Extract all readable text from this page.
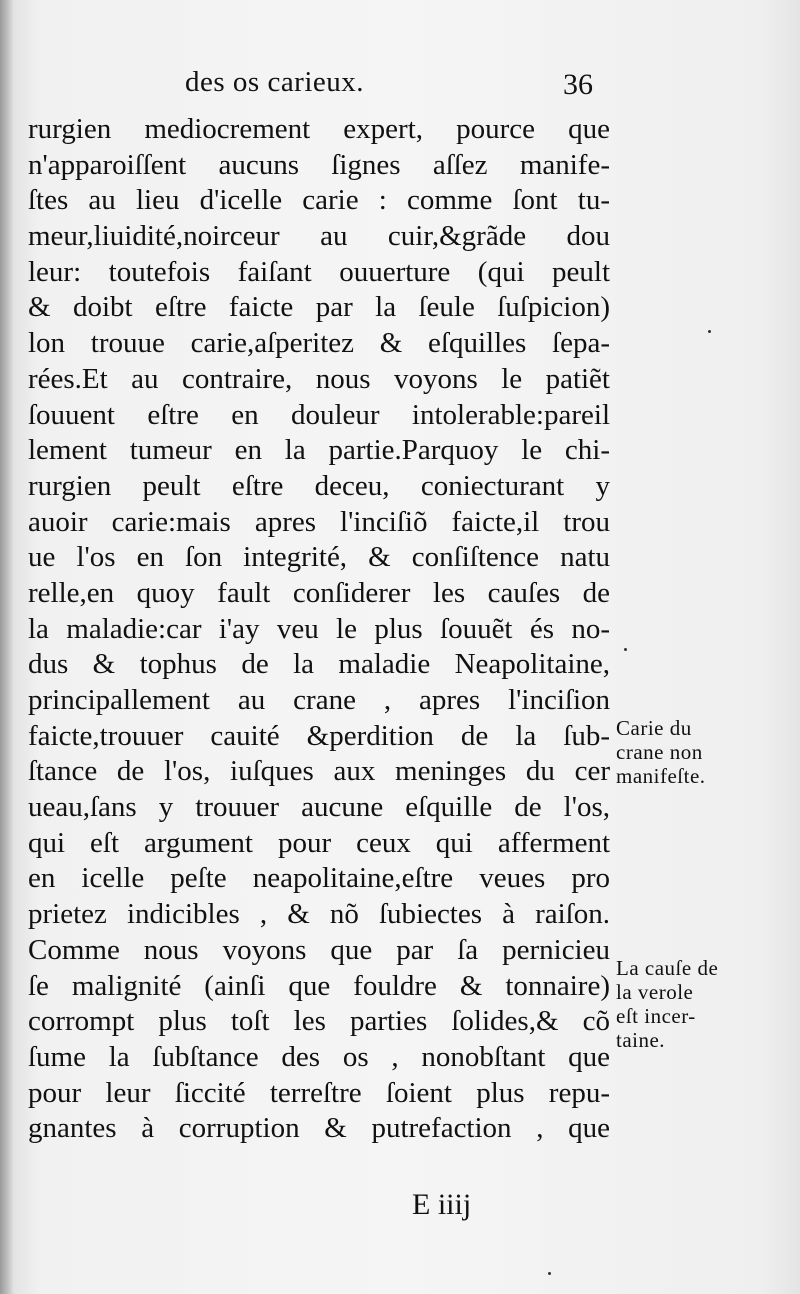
des os carieux.	36
rurgien mediocrement expert, pource que
n'apparoiſſent aucuns ſignes aſſez manife-
ſtes au lieu d'icelle carie : comme ſont tu-
meur,liuidité,noirceur au cuir,&grãde dou
leur: toutefois faiſant ouuerture (qui peult
& doibt eſtre faicte par la ſeule ſuſpicion)
lon trouue carie,aſperitez & eſquilles ſepa-
rées.Et au contraire, nous voyons le patiẽt
ſouuent eſtre en douleur intolerable:pareil
lement tumeur en la partie.Parquoy le chi-
rurgien peult eſtre deceu, coniecturant y
auoir carie:mais apres l'inciſiõ faicte,il trou
ue l'os en ſon integrité, & conſiſtence natu
relle,en quoy fault conſiderer les cauſes de
la maladie:car i'ay veu le plus ſouuẽt és no-
dus & tophus de la maladie Neapolitaine,
principallement au crane , apres l'inciſion
faicte,trouuer cauité &perdition de la ſub-
ſtance de l'os, iuſques aux meninges du cer
ueau,ſans y trouuer aucune eſquille de l'os,
qui eſt argument pour ceux qui afferment
en icelle peſte neapolitaine,eſtre veues pro
prietez indicibles , & nõ ſubiectes à raiſon.
Comme nous voyons que par ſa pernicieu
ſe malignité (ainſi que fouldre & tonnaire)
corrompt plus toſt les parties ſolides,& cõ
ſume la ſubſtance des os , nonobſtant que
pour leur ſiccité terreſtre ſoient plus repu-
gnantes à corruption & putrefaction , que
Carie du
crane non
manifeſte.
La cauſe de
la verole
eſt incer-
taine.
E iiij
